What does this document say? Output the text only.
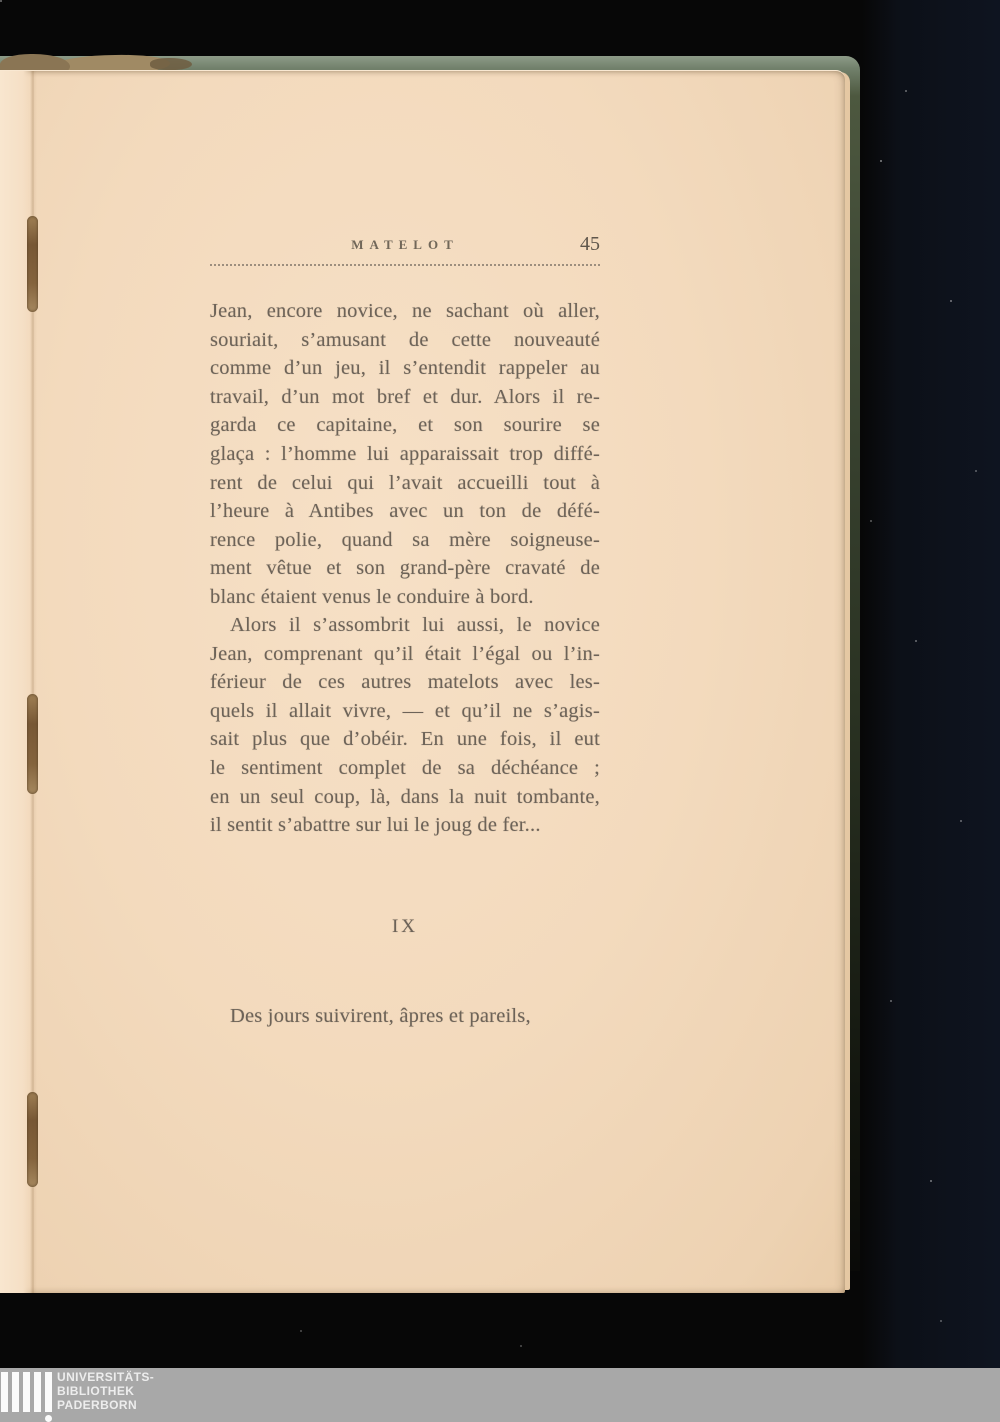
MATELOT	45
Jean, encore novice, ne sachant où aller,
souriait, s’amusant de cette nouveauté
comme d’un jeu, il s’entendit rappeler au
travail, d’un mot bref et dur. Alors il re-
garda ce capitaine, et son sourire se
glaça : l’homme lui apparaissait trop diffé-
rent de celui qui l’avait accueilli tout à
l’heure à Antibes avec un ton de défé-
rence polie, quand sa mère soigneuse-
ment vêtue et son grand-père cravaté de
blanc étaient venus le conduire à bord.
Alors il s’assombrit lui aussi, le novice
Jean, comprenant qu’il était l’égal ou l’in-
férieur de ces autres matelots avec les-
quels il allait vivre, — et qu’il ne s’agis-
sait plus que d’obéir. En une fois, il eut
le sentiment complet de sa déchéance ;
en un seul coup, là, dans la nuit tombante,
il sentit s’abattre sur lui le joug de fer...
IX
Des jours suivirent, âpres et pareils,
UNIVERSITÄTS-
BIBLIOTHEK
PADERBORN
